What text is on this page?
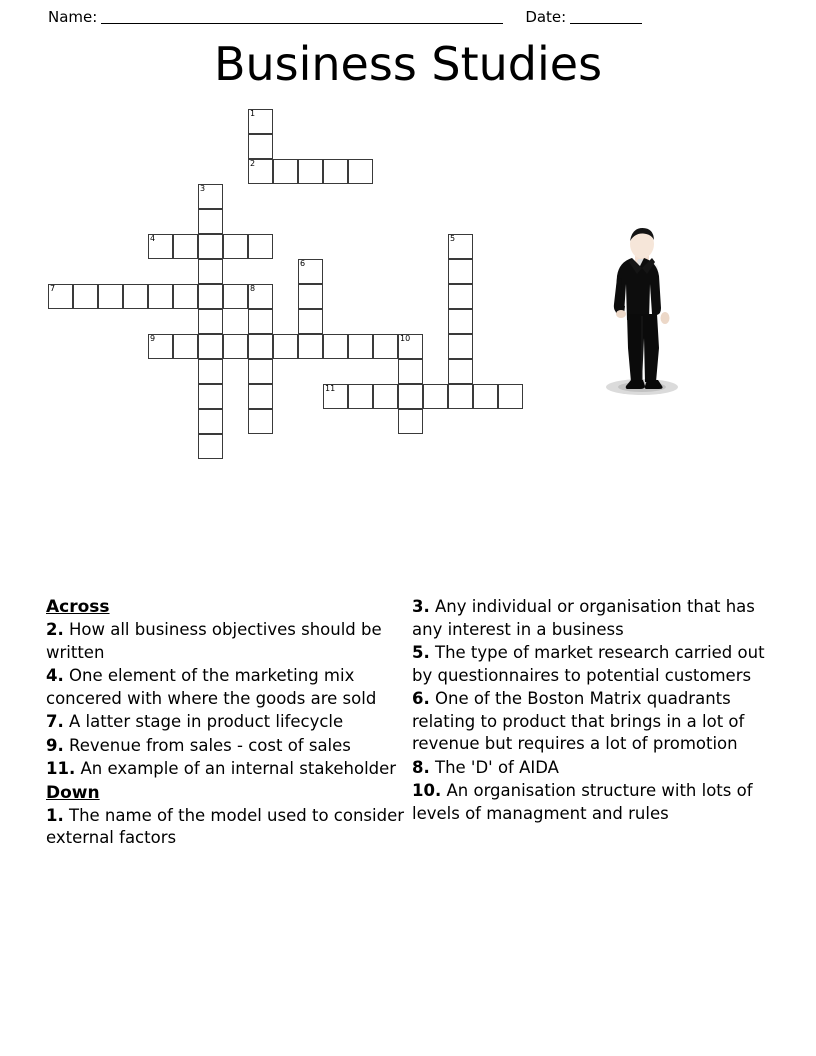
Name:	Date:
Business Studies
1
2
3
4	5
6
7	8
9	10
11
Across
2. How all business objectives should be written
4. One element of the marketing mix concered with where the goods are sold
7. A latter stage in product lifecycle
9. Revenue from sales - cost of sales
11. An example of an internal stakeholder
Down
1. The name of the model used to consider external factors
3. Any individual or organisation that has any interest in a business
5. The type of market research carried out by questionnaires to potential customers
6. One of the Boston Matrix quadrants relating to product that brings in a lot of revenue but requires a lot of promotion
8. The 'D' of AIDA
10. An organisation structure with lots of levels of managment and rules
